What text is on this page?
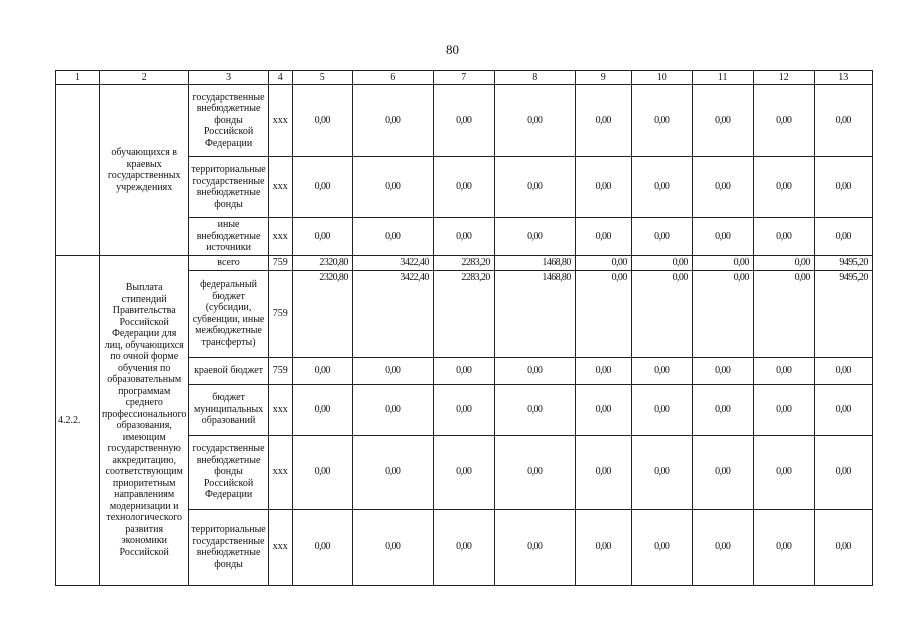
80
1	2	3	4	5	6	7	8	9	10	11	12	13
	обучающихся в краевых государственных учреждениях	государственные внебюджетные фонды Российской Федерации	xxx	0,00	0,00	0,00	0,00	0,00	0,00	0,00	0,00	0,00
		территориальные государственные внебюджетные фонды	xxx	0,00	0,00	0,00	0,00	0,00	0,00	0,00	0,00	0,00
		иные внебюджетные источники	xxx	0,00	0,00	0,00	0,00	0,00	0,00	0,00	0,00	0,00
4.2.2.	Выплата стипендий Правительства Российской Федерации для лиц, обучающихся по очной форме обучения по образовательным программам среднего профессионального образования, имеющим государственную аккредитацию, соответствующим приоритетным направлениям модернизации и технологического развития экономики Российской	всего	759	2320,80	3422,40	2283,20	1468,80	0,00	0,00	0,00	0,00	9495,20
		федеральный бюджет (субсидии, субвенции, иные межбюджетные трансферты)	759	2320,80	3422,40	2283,20	1468,80	0,00	0,00	0,00	0,00	9495,20
		краевой бюджет	759	0,00	0,00	0,00	0,00	0,00	0,00	0,00	0,00	0,00
		бюджет муниципальных образований	xxx	0,00	0,00	0,00	0,00	0,00	0,00	0,00	0,00	0,00
		государственные внебюджетные фонды Российской Федерации	xxx	0,00	0,00	0,00	0,00	0,00	0,00	0,00	0,00	0,00
		территориальные государственные внебюджетные фонды	xxx	0,00	0,00	0,00	0,00	0,00	0,00	0,00	0,00	0,00
